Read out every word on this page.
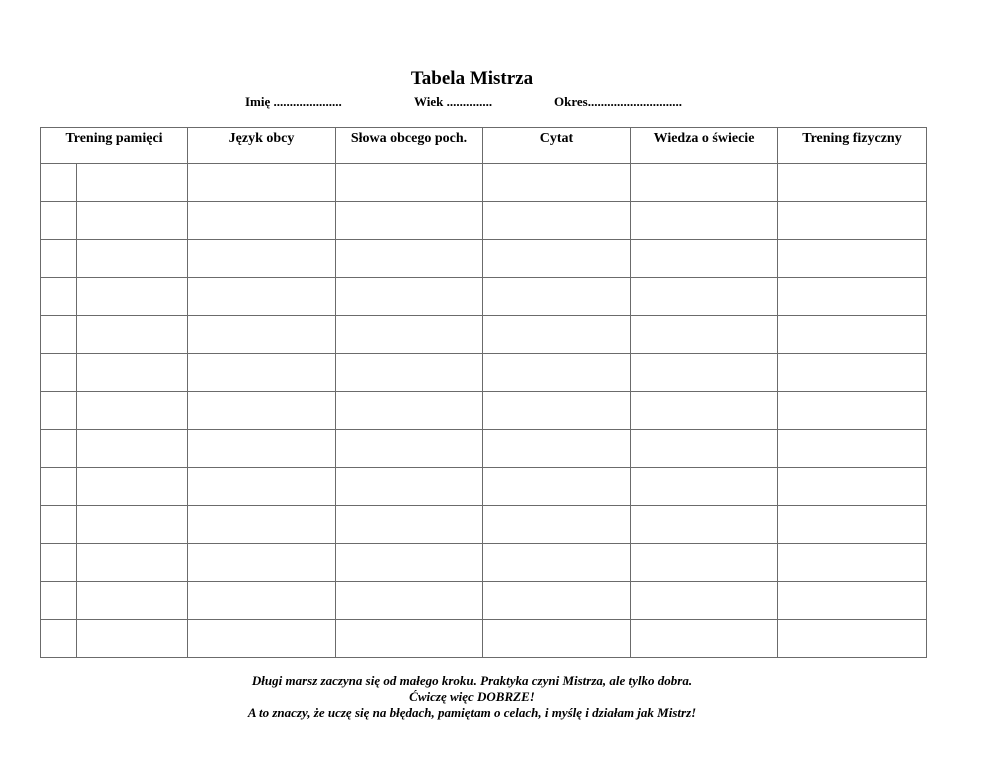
Tabela Mistrza
Imię .....................	Wiek ..............	Okres.............................
Trening pamięci		Język obcy	Słowa obcego poch.	Cytat	Wiedza o świecie	Trening fizyczny

Długi marsz zaczyna się od małego kroku. Praktyka czyni Mistrza, ale tylko dobra.
Ćwiczę więc DOBRZE!
A to znaczy, że uczę się na błędach, pamiętam o celach, i myślę i działam jak Mistrz!
